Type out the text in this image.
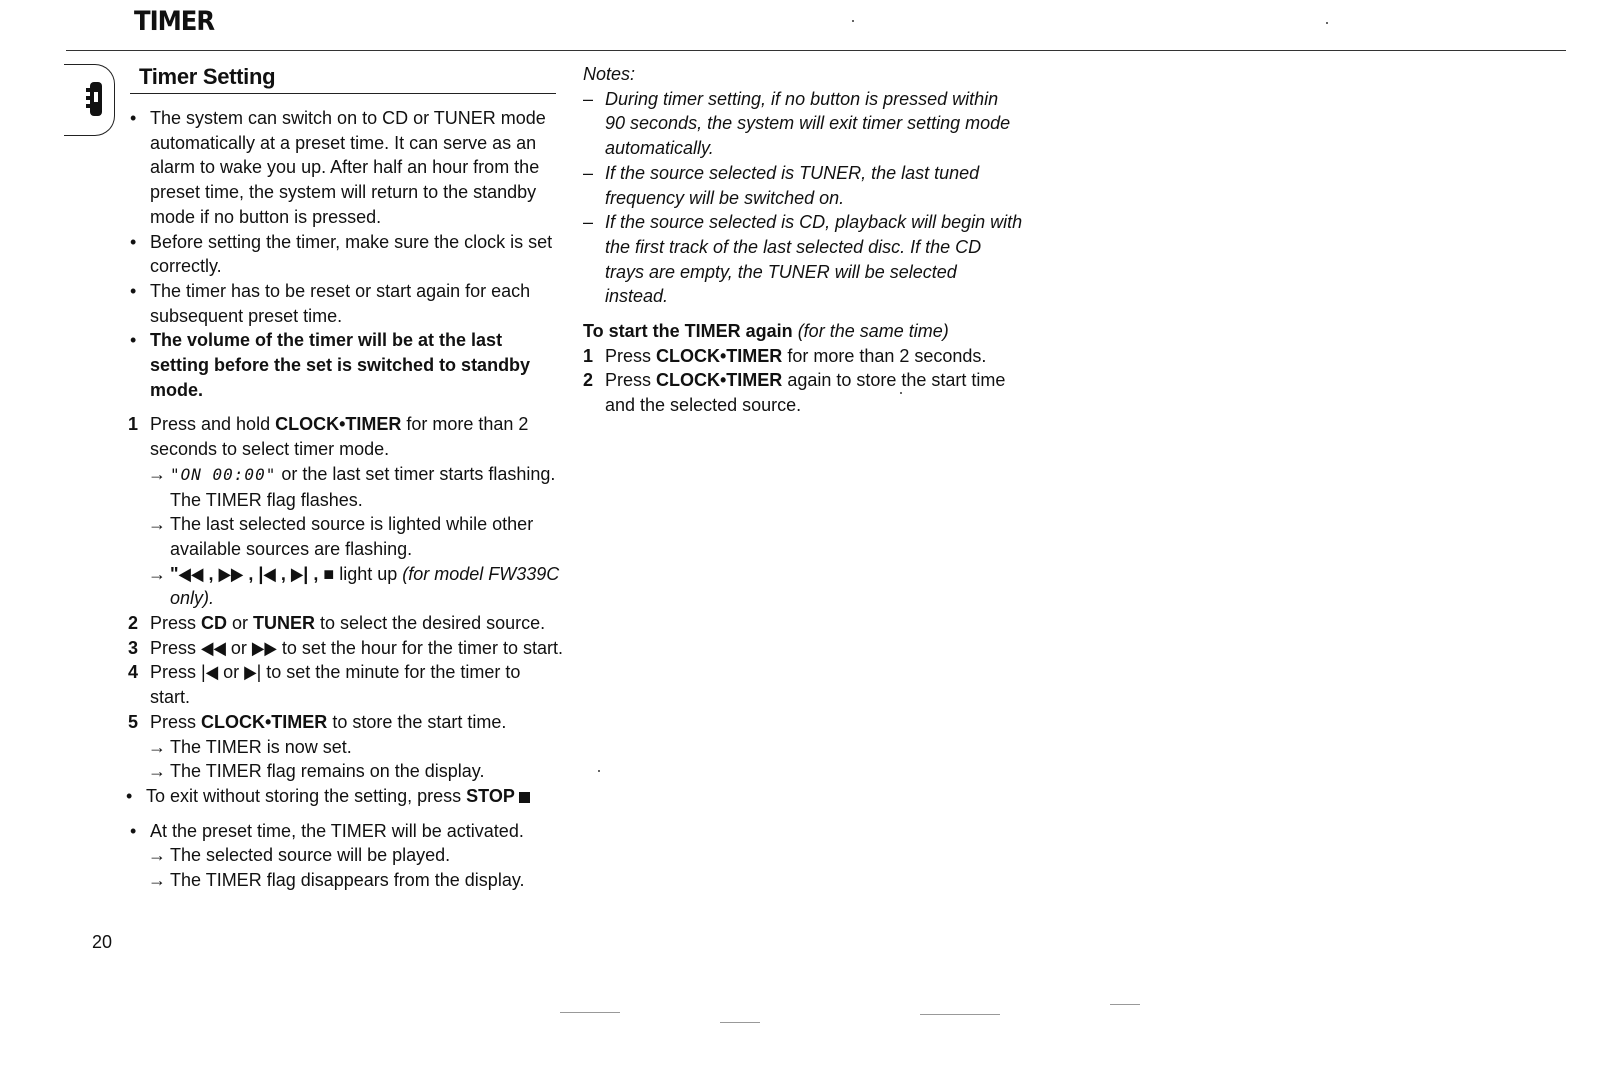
TIMER
Timer Setting
• The system can switch on to CD or TUNER mode automatically at a preset time. It can serve as an alarm to wake you up. After half an hour from the preset time, the system will return to the standby mode if no button is pressed.
• Before setting the timer, make sure the clock is set correctly.
• The timer has to be reset or start again for each subsequent preset time.
• The volume of the timer will be at the last setting before the set is switched to standby mode.
1 Press and hold CLOCK•TIMER for more than 2 seconds to select timer mode.
→ "ON 00:00" or the last set timer starts flashing. The TIMER flag flashes.
→ The last selected source is lighted while other available sources are flashing.
→ "◀◀ , ▶▶ , |◀ , ▶| , ■ light up (for model FW339C only).
2 Press CD or TUNER to select the desired source.
3 Press ◀◀ or ▶▶ to set the hour for the timer to start.
4 Press |◀ or ▶| to set the minute for the timer to start.
5 Press CLOCK•TIMER to store the start time.
→ The TIMER is now set.
→ The TIMER flag remains on the display.
• To exit without storing the setting, press STOP
• At the preset time, the TIMER will be activated.
→ The selected source will be played.
→ The TIMER flag disappears from the display.
Notes:
– During timer setting, if no button is pressed within 90 seconds, the system will exit timer setting mode automatically.
– If the source selected is TUNER, the last tuned frequency will be switched on.
– If the source selected is CD, playback will begin with the first track of the last selected disc. If the CD trays are empty, the TUNER will be selected instead.
To start the TIMER again (for the same time)
1 Press CLOCK•TIMER for more than 2 seconds.
2 Press CLOCK•TIMER again to store the start time and the selected source.
20
